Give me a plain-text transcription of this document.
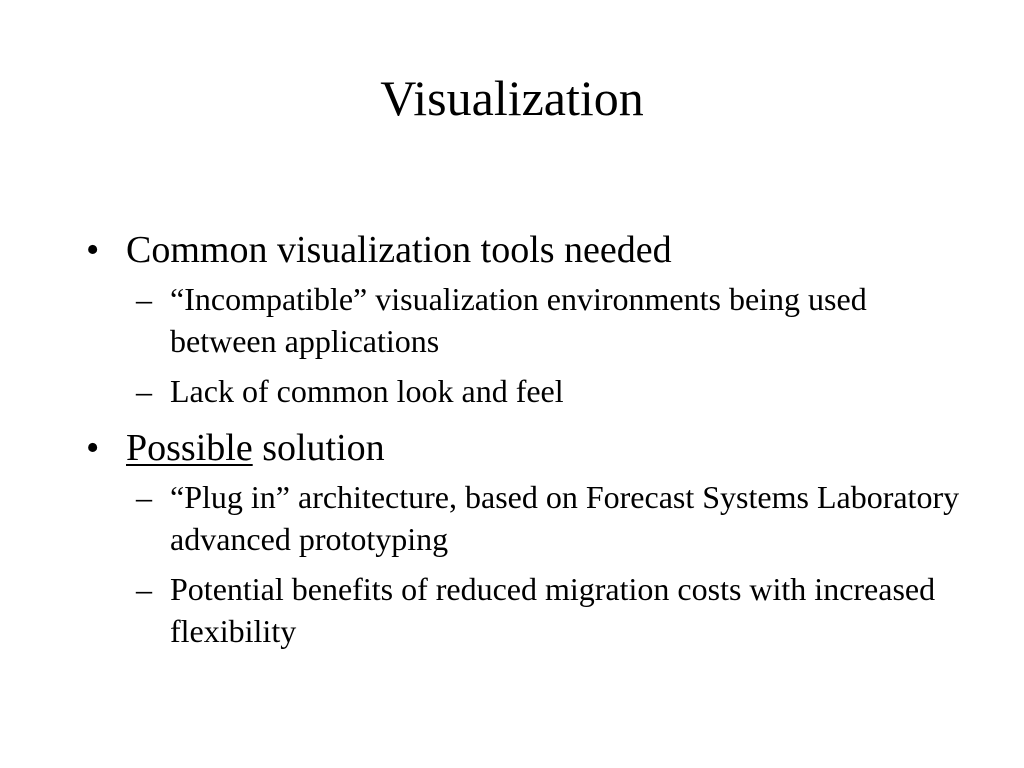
Visualization
• Common visualization tools needed
– “Incompatible” visualization environments being used between applications
– Lack of common look and feel
• Possible solution
– “Plug in” architecture, based on Forecast Systems Laboratory advanced prototyping
– Potential benefits of reduced migration costs with increased flexibility
